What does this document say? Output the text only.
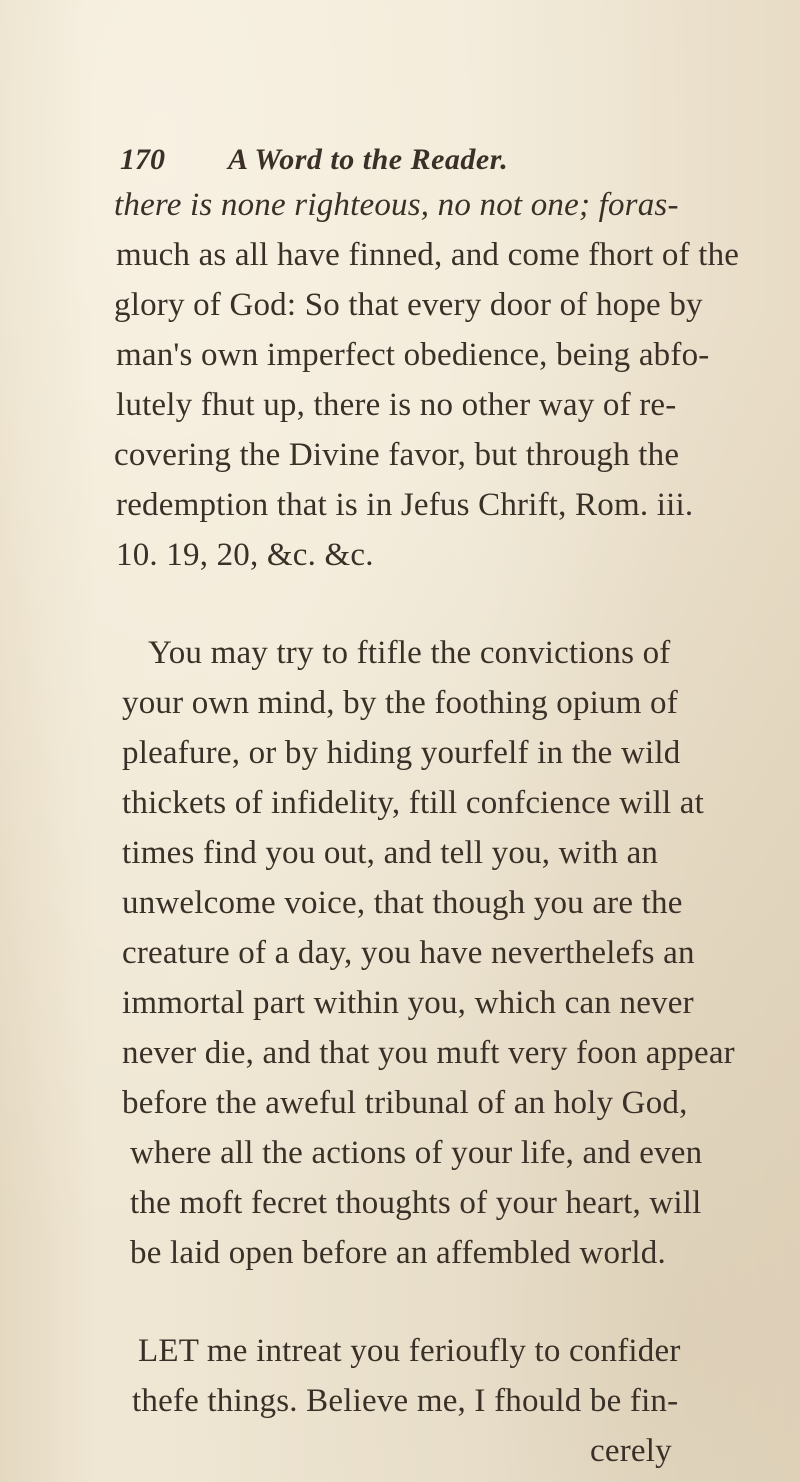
170 A Word to the Reader.
there is none righteous, no not one; foras-
much as all have finned, and come fhort of the
glory of God: So that every door of hope by
man's own imperfect obedience, being abfo-
lutely fhut up, there is no other way of re-
covering the Divine favor, but through the
redemption that is in Jefus Chrift, Rom. iii.
10. 19, 20, &c. &c.
You may try to ftifle the convictions of
your own mind, by the foothing opium of
pleafure, or by hiding yourfelf in the wild
thickets of infidelity, ftill confcience will at
times find you out, and tell you, with an
unwelcome voice, that though you are the
creature of a day, you have neverthelefs an
immortal part within you, which can never
never die, and that you muft very foon appear
before the aweful tribunal of an holy God,
where all the actions of your life, and even
the moft fecret thoughts of your heart, will
be laid open before an affembled world.
LET me intreat you ferioufly to confider
thefe things. Believe me, I fhould be fin-
cerely
